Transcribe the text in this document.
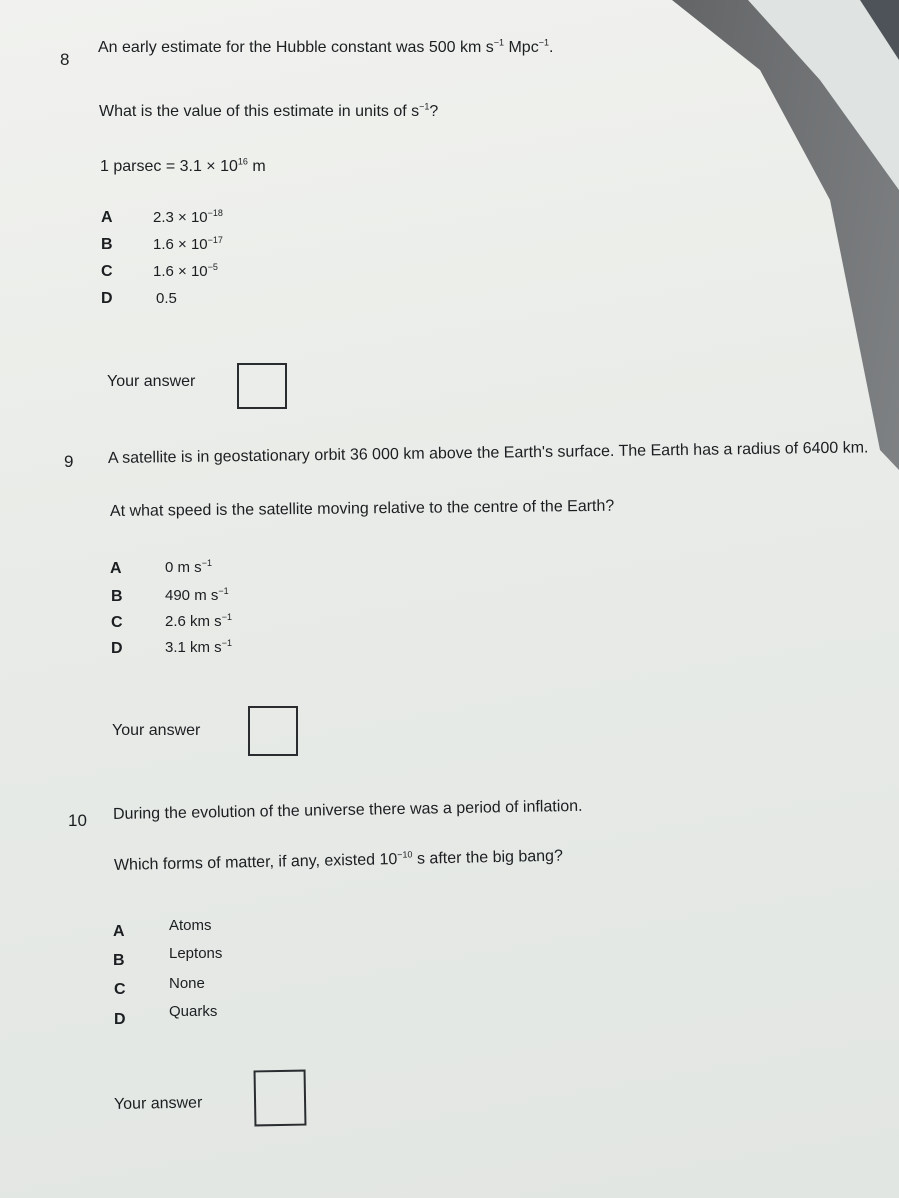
8
An early estimate for the Hubble constant was 500 km $s^{-1}$ Mpc$^{-1}$.
What is the value of this estimate in units of $s^{-1}$?
1 $parsec = 3.1 \times 10^{16}$ m
A	$2.3 \times 10^{-18}$
B	$1.6 \times 10^{-17}$
C	$1.6 \times 10^{-5}$
D	0.5
Your answer
9 A satellite is in geostationary orbit 36 000 km above the Earth's surface. The Earth has a radius of 6400 km.
At what speed is the satellite moving relative to the centre of the Earth?
A	0 m $s^{-1}$
B	490 m $s^{-1}$
C	2.6 km $s^{-1}$
D	3.1 km $s^{-1}$
Your answer
10 During the evolution of the universe there was a period of inflation.
Which forms of matter, if any, existed $10^{-10}$ s after the big bang?
A	Atoms
B	Leptons
C	None
D	Quarks
Your answer
